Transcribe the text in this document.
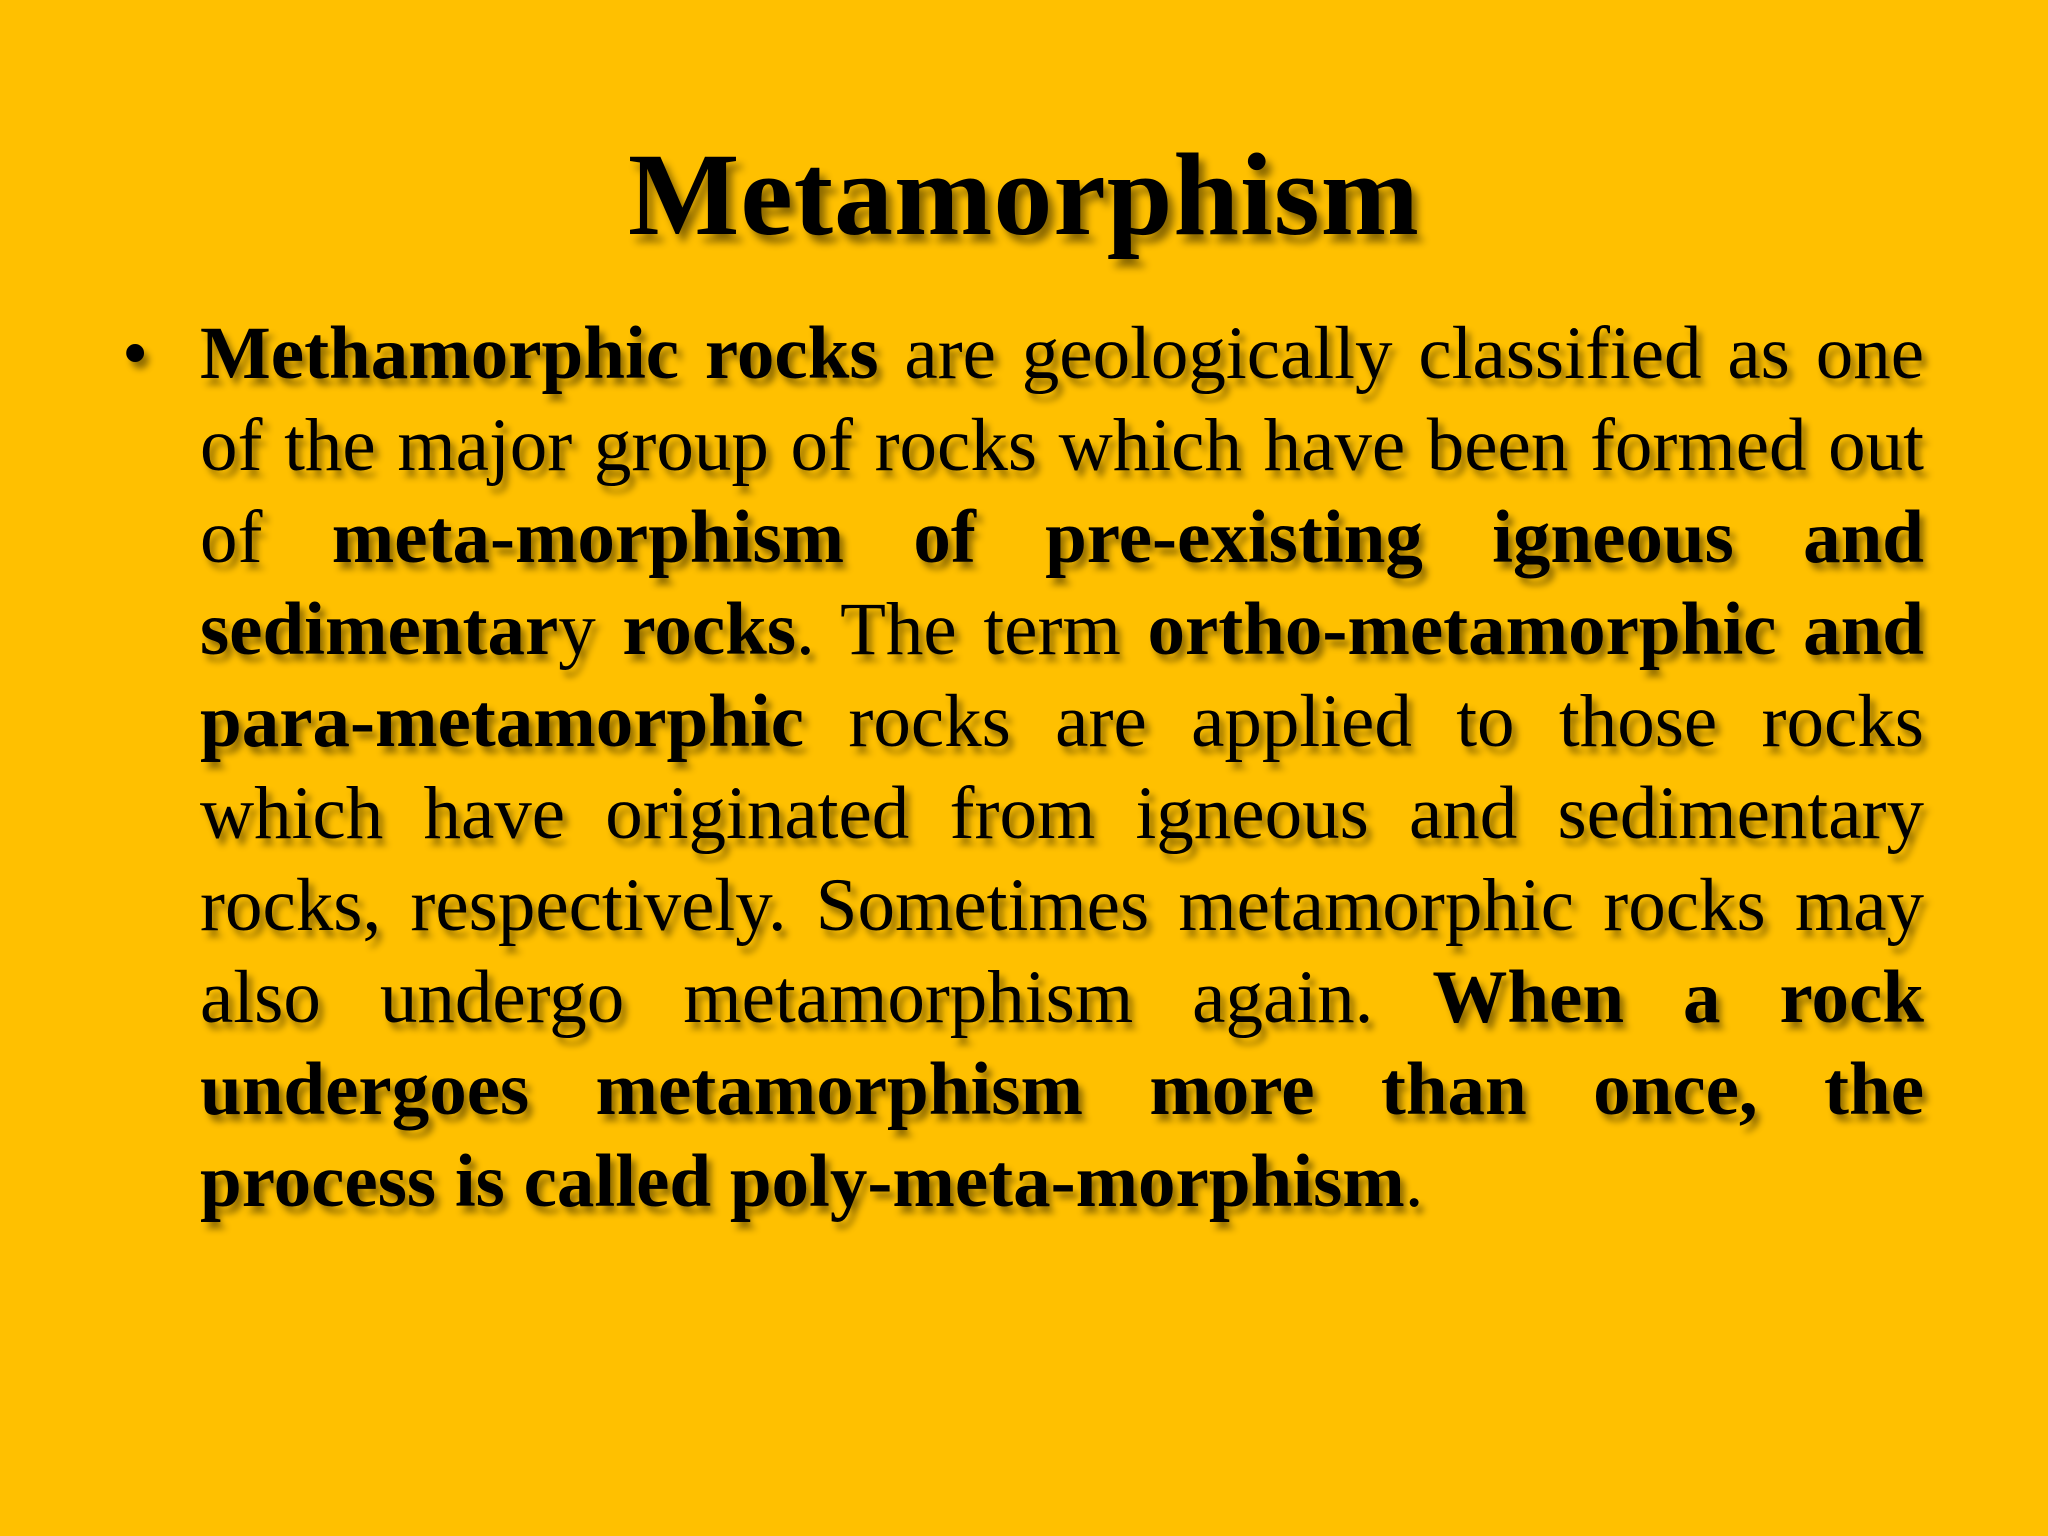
Metamorphism
• Methamorphic rocks are geologically classified as one of the major group of rocks which have been formed out of meta-morphism of pre-existing igneous and sedimentary rocks. The term ortho-metamorphic and para-metamorphic rocks are applied to those rocks which have originated from igneous and sedimentary rocks, respectively. Sometimes metamorphic rocks may also undergo metamorphism again. When a rock undergoes metamorphism more than once, the process is called poly-meta-morphism.
